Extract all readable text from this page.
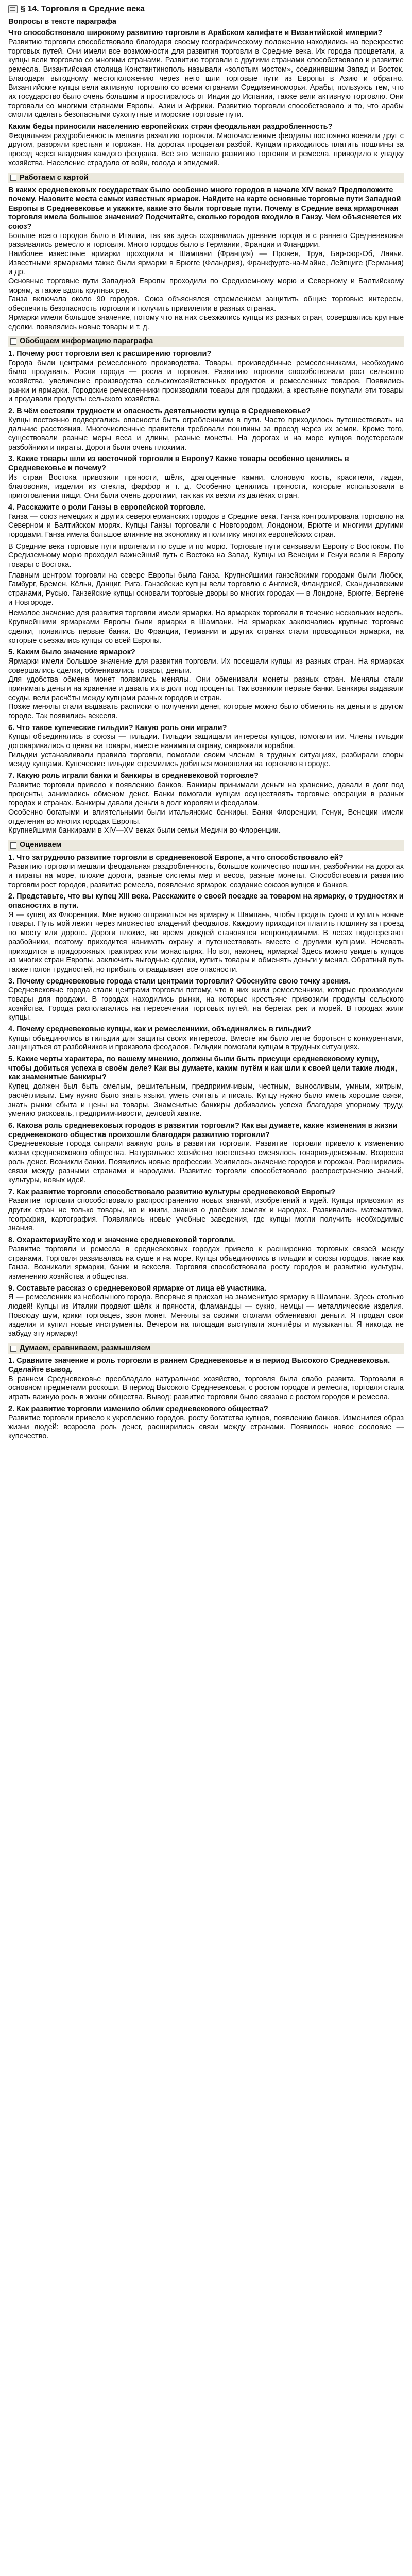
§ 14. Торговля в Средние века
Вопросы в тексте параграфа

Что способствовало широкому развитию торговли в Арабском халифате и Византийской империи?

Развитию торговли способствовало благодаря своему географическому положению находились на перекрестке торговых путей. Они имели все возможности для развития торговли в Средние века. Их города процветали, а купцы вели торговлю со многими странами. Развитию торговли с другими странами способствовало и развитие ремесла. Византийская столица Константинополь называли «золотым мостом», соединявшим Запад и Восток. Благодаря выгодному местоположению через него шли торговые пути из Европы в Азию и обратно. Византийские купцы вели активную торговлю со всеми странами Средиземноморья. Арабы, пользуясь тем, что их государство было очень большим и простиралось от Индии до Испании, также вели активную торговлю. Они торговали со многими странами Европы, Азии и Африки. Развитию торговли способствовало и то, что арабы смогли сделать безопасными сухопутные и морские торговые пути.

Каким беды приносили населению европейских стран феодальная раздробленность?

Феодальная раздробленность мешала развитию торговли. Многочисленные феодалы постоянно воевали друг с другом, разоряли крестьян и горожан. На дорогах процветал разбой. Купцам приходилось платить пошлины за проезд через владения каждого феодала. Всё это мешало развитию торговли и ремесла, приводило к упадку хозяйства. Население страдало от войн, голода и эпидемий.

Работаем с картой

В каких средневековых государствах было особенно много городов в начале XIV века? Предположите почему. Назовите места самых известных ярмарок. Найдите на карте основные торговые пути Западной Европы в Средневековье и укажите, какие это были торговые пути. Почему в Средние века ярмарочная торговля имела большое значение? Подсчитайте, сколько городов входило в Ганзу. Чем объясняется их союз?

Больше всего городов было в Италии, так как здесь сохранились древние города и с раннего Средневековья развивались ремесло и торговля. Много городов было в Германии, Франции и Фландрии.

Наиболее известные ярмарки проходили в Шампани (Франция) — Провен, Труа, Бар-сюр-Об, Ланьи. Известными ярмарками также были ярмарки в Брюгге (Фландрия), Франкфурте-на-Майне, Лейпциге (Германия) и др.

Основные торговые пути Западной Европы проходили по Средиземному морю и Северному и Балтийскому морям, а также вдоль крупных рек.

Ганза включала около 90 городов. Союз объяснялся стремлением защитить общие торговые интересы, обеспечить безопасность торговли и получить привилегии в разных странах.

Ярмарки имели большое значение, потому что на них съезжались купцы из разных стран, совершались крупные сделки, появлялись новые товары и т. д.

Обобщаем информацию параграфа

1. Почему рост торговли вел к расширению торговли?

Города были центрами ремесленного производства. Товары, произведённые ремесленниками, необходимо было продавать. Росли города — росла и торговля. Развитию торговли способствовали рост сельского хозяйства, увеличение производства сельскохозяйственных продуктов и ремесленных товаров. Появились рынки и ярмарки. Городские ремесленники производили товары для продажи, а крестьяне покупали эти товары и продавали продукты сельского хозяйства.

2. В чём состояли трудности и опасность деятельности купца в Средневековье?

Купцы постоянно подвергались опасности быть ограбленными в пути. Часто приходилось путешествовать на дальние расстояния. Многочисленные правители требовали пошлины за проезд через их земли. Кроме того, существовали разные меры веса и длины, разные монеты. На дорогах и на море купцов подстерегали разбойники и пираты. Дороги были очень плохими.

3. Какие товары шли из восточной торговли в Европу? Какие товары особенно ценились в Средневековье и почему?

Из стран Востока привозили пряности, шёлк, драгоценные камни, слоновую кость, красители, ладан, благовония, изделия из стекла, фарфор и т. д. Особенно ценились пряности, которые использовали в приготовлении пищи. Они были очень дорогими, так как их везли из далёких стран.

4. Расскажите о роли Ганзы в европейской торговле.

Ганза — союз немецких и других северогерманских городов в Средние века. Ганза контролировала торговлю на Северном и Балтийском морях. Купцы Ганзы торговали с Новгородом, Лондоном, Брюгге и многими другими городами. Ганза имела большое влияние на экономику и политику многих европейских стран.

В Средние века торговые пути пролегали по суше и по морю. Торговые пути связывали Европу с Востоком. По Средиземному морю проходил важнейший путь с Востока на Запад. Купцы из Венеции и Генуи везли в Европу товары с Востока.

Главным центром торговли на севере Европы была Ганза. Крупнейшими ганзейскими городами были Любек, Гамбург, Бремен, Кёльн, Данциг, Рига. Ганзейские купцы вели торговлю с Англией, Фландрией, Скандинавскими странами, Русью. Ганзейские купцы основали торговые дворы во многих городах — в Лондоне, Брюгге, Бергене и Новгороде.

Немалое значение для развития торговли имели ярмарки. На ярмарках торговали в течение нескольких недель. Крупнейшими ярмарками Европы были ярмарки в Шампани. На ярмарках заключались крупные торговые сделки, появились первые банки. Во Франции, Германии и других странах стали проводиться ярмарки, на которые съезжались купцы со всей Европы.

5. Каким было значение ярмарок?

Ярмарки имели большое значение для развития торговли. Их посещали купцы из разных стран. На ярмарках совершались сделки, обменивались товары, деньги.

Для удобства обмена монет появились менялы. Они обменивали монеты разных стран. Менялы стали принимать деньги на хранение и давать их в долг под проценты. Так возникли первые банки. Банкиры выдавали ссуды, вели расчёты между купцами разных городов и стран.

Позже менялы стали выдавать расписки о получении денег, которые можно было обменять на деньги в другом городе. Так появились векселя.

6. Что такое купеческие гильдии? Какую роль они играли?

Купцы объединялись в союзы — гильдии. Гильдии защищали интересы купцов, помогали им. Члены гильдии договаривались о ценах на товары, вместе нанимали охрану, снаряжали корабли.

Гильдии устанавливали правила торговли, помогали своим членам в трудных ситуациях, разбирали споры между купцами. Купеческие гильдии стремились добиться монополии на торговлю в городе.

7. Какую роль играли банки и банкиры в средневековой торговле?

Развитие торговли привело к появлению банков. Банкиры принимали деньги на хранение, давали в долг под проценты, занимались обменом денег. Банки помогали купцам осуществлять торговые операции в разных городах и странах. Банкиры давали деньги в долг королям и феодалам.

Особенно богатыми и влиятельными были итальянские банкиры. Банки Флоренции, Генуи, Венеции имели отделения во многих городах Европы.

Крупнейшими банкирами в XIV—XV веках были семьи Медичи во Флоренции.

Оцениваем

1. Что затрудняло развитие торговли в средневековой Европе, а что способствовало ей?

Развитию торговли мешали феодальная раздробленность, большое количество пошлин, разбойники на дорогах и пираты на море, плохие дороги, разные системы мер и весов, разные монеты. Способствовали развитию торговли рост городов, развитие ремесла, появление ярмарок, создание союзов купцов и банков.

2. Представьте, что вы купец XIII века. Расскажите о своей поездке за товаром на ярмарку, о трудностях и опасностях в пути.

Я — купец из Флоренции. Мне нужно отправиться на ярмарку в Шампань, чтобы продать сукно и купить новые товары. Путь мой лежит через множество владений феодалов. Каждому приходится платить пошлину за проезд по мосту или дороге. Дороги плохие, во время дождей становятся непроходимыми. В лесах подстерегают разбойники, поэтому приходится нанимать охрану и путешествовать вместе с другими купцами. Ночевать приходится в придорожных трактирах или монастырях. Но вот, наконец, ярмарка! Здесь можно увидеть купцов из многих стран Европы, заключить выгодные сделки, купить товары и обменять деньги у менял. Обратный путь также полон трудностей, но прибыль оправдывает все опасности.

3. Почему средневековые города стали центрами торговли? Обоснуйте свою точку зрения.

Средневековые города стали центрами торговли потому, что в них жили ремесленники, которые производили товары для продажи. В городах находились рынки, на которые крестьяне привозили продукты сельского хозяйства. Города располагались на пересечении торговых путей, на берегах рек и морей. В городах жили купцы.

4. Почему средневековые купцы, как и ремесленники, объединялись в гильдии?

Купцы объединялись в гильдии для защиты своих интересов. Вместе им было легче бороться с конкурентами, защищаться от разбойников и произвола феодалов. Гильдии помогали купцам в трудных ситуациях.

5. Какие черты характера, по вашему мнению, должны были быть присущи средневековому купцу, чтобы добиться успеха в своём деле? Как вы думаете, каким путём и как шли к своей цели такие люди, как знаменитые банкиры?

Купец должен был быть смелым, решительным, предприимчивым, честным, выносливым, умным, хитрым, расчётливым. Ему нужно было знать языки, уметь считать и писать. Купцу нужно было иметь хорошие связи, знать рынки сбыта и цены на товары. Знаменитые банкиры добивались успеха благодаря упорному труду, умению рисковать, предприимчивости, деловой хватке.

6. Какова роль средневековых городов в развитии торговли? Как вы думаете, какие изменения в жизни средневекового общества произошли благодаря развитию торговли?

Средневековые города сыграли важную роль в развитии торговли. Развитие торговли привело к изменению жизни средневекового общества. Натуральное хозяйство постепенно сменялось товарно-денежным. Возросла роль денег. Возникли банки. Появились новые профессии. Усилилось значение городов и горожан. Расширились связи между разными странами и народами. Развитие торговли способствовало распространению знаний, культуры, новых идей.

7. Как развитие торговли способствовало развитию культуры средневековой Европы?

Развитие торговли способствовало распространению новых знаний, изобретений и идей. Купцы привозили из других стран не только товары, но и книги, знания о далёких землях и народах. Развивались математика, география, картография. Появлялись новые учебные заведения, где купцы могли получить необходимые знания.

8. Охарактеризуйте ход и значение средневековой торговли.

Развитие торговли и ремесла в средневековых городах привело к расширению торговых связей между странами. Торговля развивалась на суше и на море. Купцы объединялись в гильдии и союзы городов, такие как Ганза. Возникали ярмарки, банки и векселя. Торговля способствовала росту городов и развитию культуры, изменению хозяйства и общества.

9. Составьте рассказ о средневековой ярмарке от лица её участника.

Я — ремесленник из небольшого города. Впервые я приехал на знаменитую ярмарку в Шампани. Здесь столько людей! Купцы из Италии продают шёлк и пряности, фламандцы — сукно, немцы — металлические изделия. Повсюду шум, крики торговцев, звон монет. Менялы за своими столами обменивают деньги. Я продал свои изделия и купил новые инструменты. Вечером на площади выступали жонглёры и музыканты. Я никогда не забуду эту ярмарку!

Думаем, сравниваем, размышляем

1. Сравните значение и роль торговли в раннем Средневековье и в период Высокого Средневековья. Сделайте вывод.

В раннем Средневековье преобладало натуральное хозяйство, торговля была слабо развита. Торговали в основном предметами роскоши. В период Высокого Средневековья, с ростом городов и ремесла, торговля стала играть важную роль в жизни общества. Вывод: развитие торговли было связано с ростом городов и ремесла.

2. Как развитие торговли изменило облик средневекового общества?

Развитие торговли привело к укреплению городов, росту богатства купцов, появлению банков. Изменился образ жизни людей: возросла роль денег, расширились связи между странами. Появилось новое сословие — купечество.
